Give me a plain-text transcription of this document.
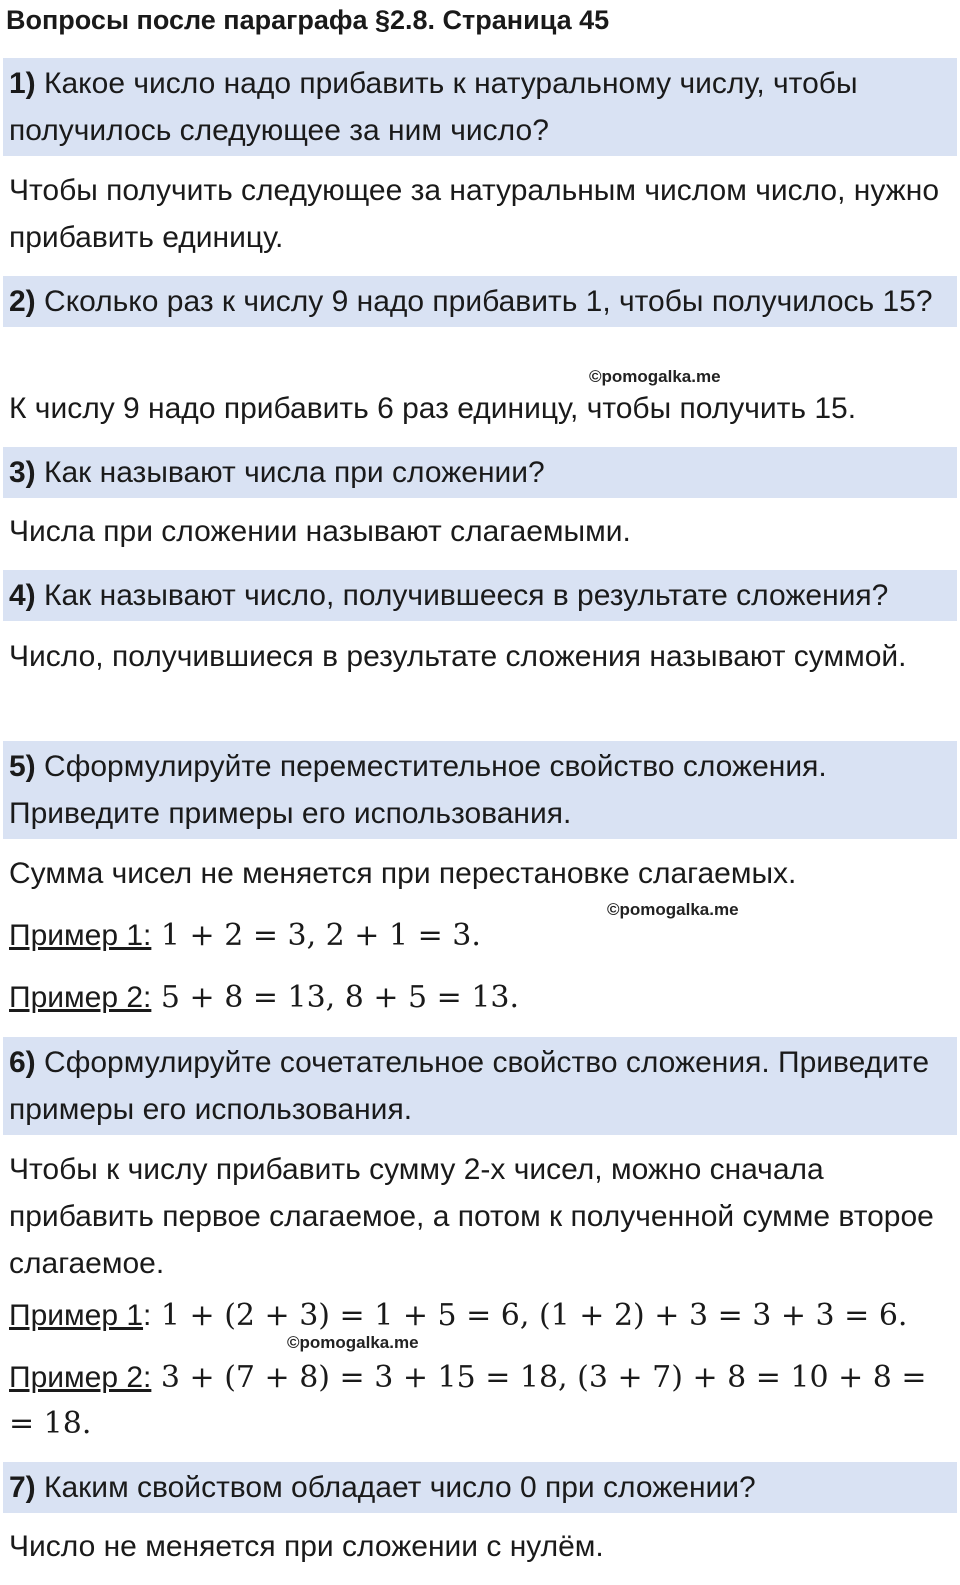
Вопросы после параграфа §2.8. Страница 45
1) Какое число надо прибавить к натуральному числу, чтобы получилось следующее за ним число?
Чтобы получить следующее за натуральным числом число, нужно прибавить единицу.
2) Сколько раз к числу 9 надо прибавить 1, чтобы получилось 15?
©pomogalka.me
К числу 9 надо прибавить 6 раз единицу, чтобы получить 15.
3) Как называют числа при сложении?
Числа при сложении называют слагаемыми.
4) Как называют число, получившееся в результате сложения?
Число, получившиеся в результате сложения называют суммой.
5) Сформулируйте переместительное свойство сложения. Приведите примеры его использования.
Сумма чисел не меняется при перестановке слагаемых.
©pomogalka.me
Пример 1: 1 + 2 = 3, 2 + 1 = 3.
Пример 2: 5 + 8 = 13, 8 + 5 = 13.
6) Сформулируйте сочетательное свойство сложения. Приведите примеры его использования.
Чтобы к числу прибавить сумму 2-х чисел, можно сначала прибавить первое слагаемое, а потом к полученной сумме второе слагаемое.
Пример 1: 1 + (2 + 3) = 1 + 5 = 6, (1 + 2) + 3 = 3 + 3 = 6.
©pomogalka.me
Пример 2: 3 + (7 + 8) = 3 + 15 = 18, (3 + 7) + 8 = 10 + 8 =
= 18.
7) Каким свойством обладает число 0 при сложении?
Число не меняется при сложении с нулём.
